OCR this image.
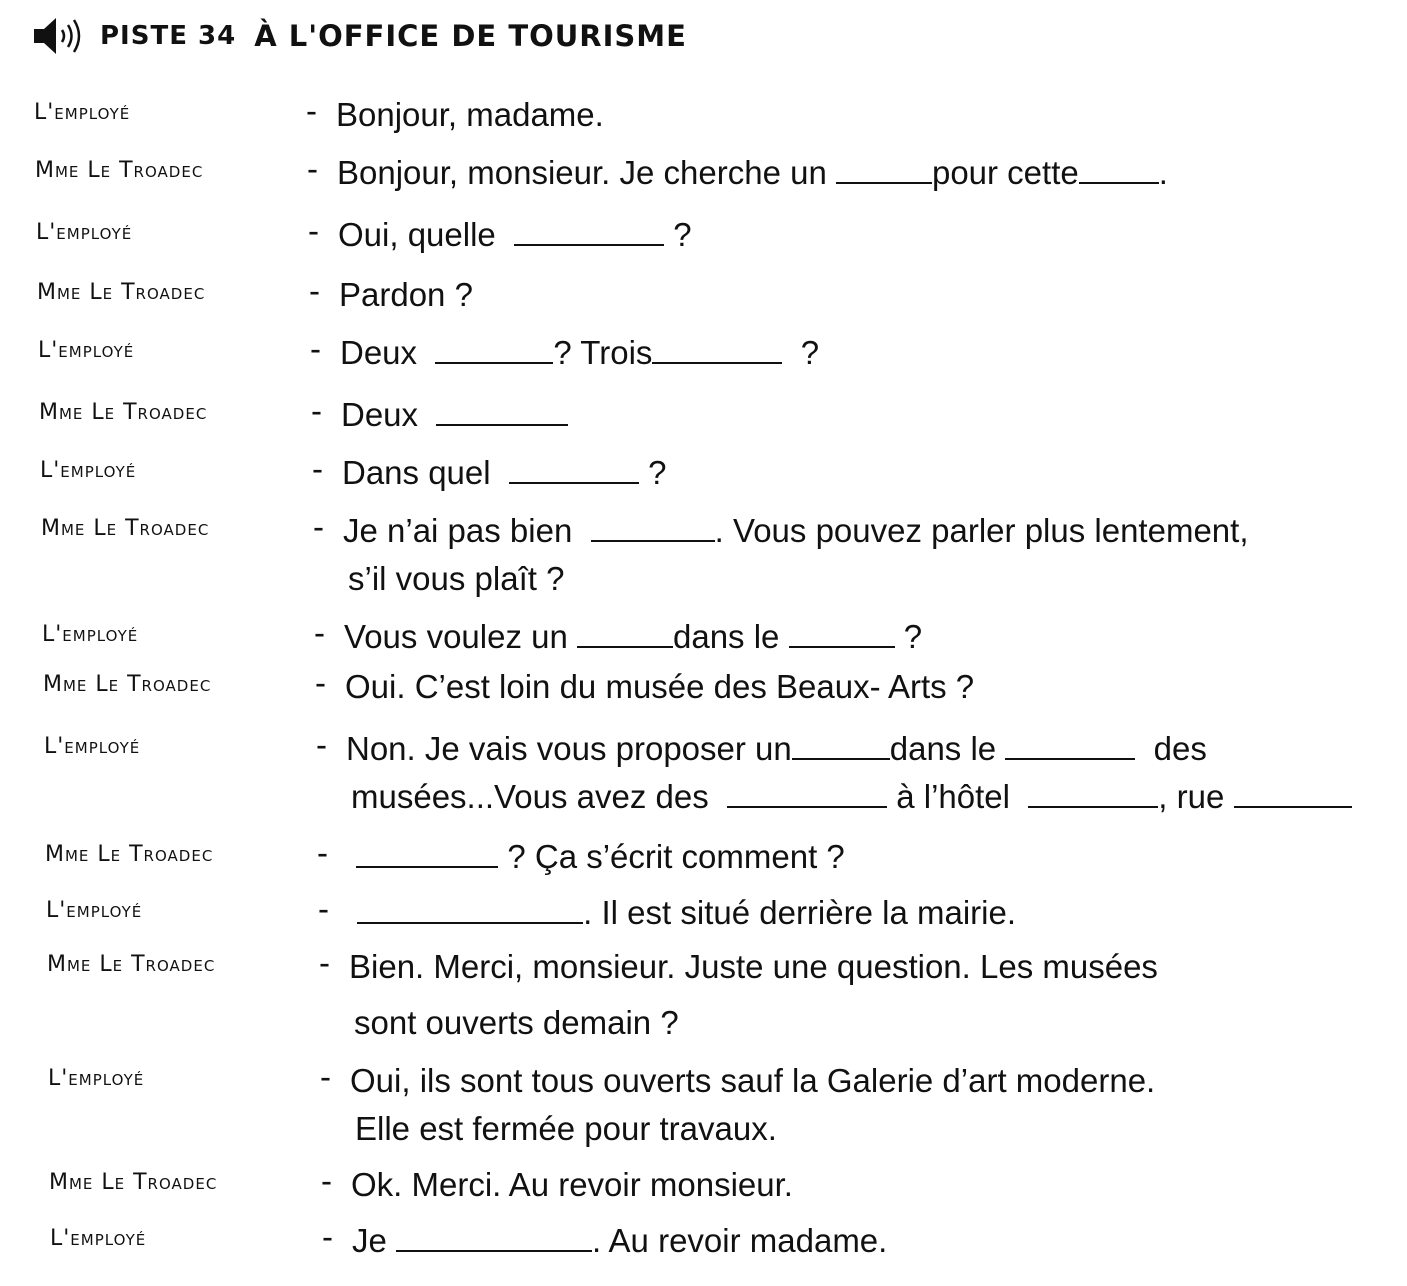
PISTE 34 À L'OFFICE DE TOURISME
L'employé	- Bonjour, madame.
Mme Le Troadec	- Bonjour, monsieur. Je cherche un	pour cette .
L'employé	- Oui, quelle	?
Mme Le Troadec	- Pardon ?
L'employé	- Deux	? Trois	?
Mme Le Troadec	- Deux
L'employé	- Dans quel	?
Mme Le Troadec	- Je n’ai pas bien	. Vous pouvez parler plus lentement,
s’il vous plaît ?
L'employé	- Vous voulez un	dans le	?
Mme Le Troadec	- Oui. C’est loin du musée des Beaux- Arts ?
L'employé	- Non. Je vais vous proposer un	dans le	des
musées...Vous avez des	à l’hôtel	, rue
Mme Le Troadec	-	? Ça s’écrit comment ?
L'employé	-	. Il est situé derrière la mairie.
Mme Le Troadec	- Bien. Merci, monsieur. Juste une question. Les musées
sont ouverts demain ?
L'employé	- Oui, ils sont tous ouverts sauf la Galerie d’art moderne.
Elle est fermée pour travaux.
Mme Le Troadec	- Ok. Merci. Au revoir monsieur.
L'employé	- Je	. Au revoir madame.
